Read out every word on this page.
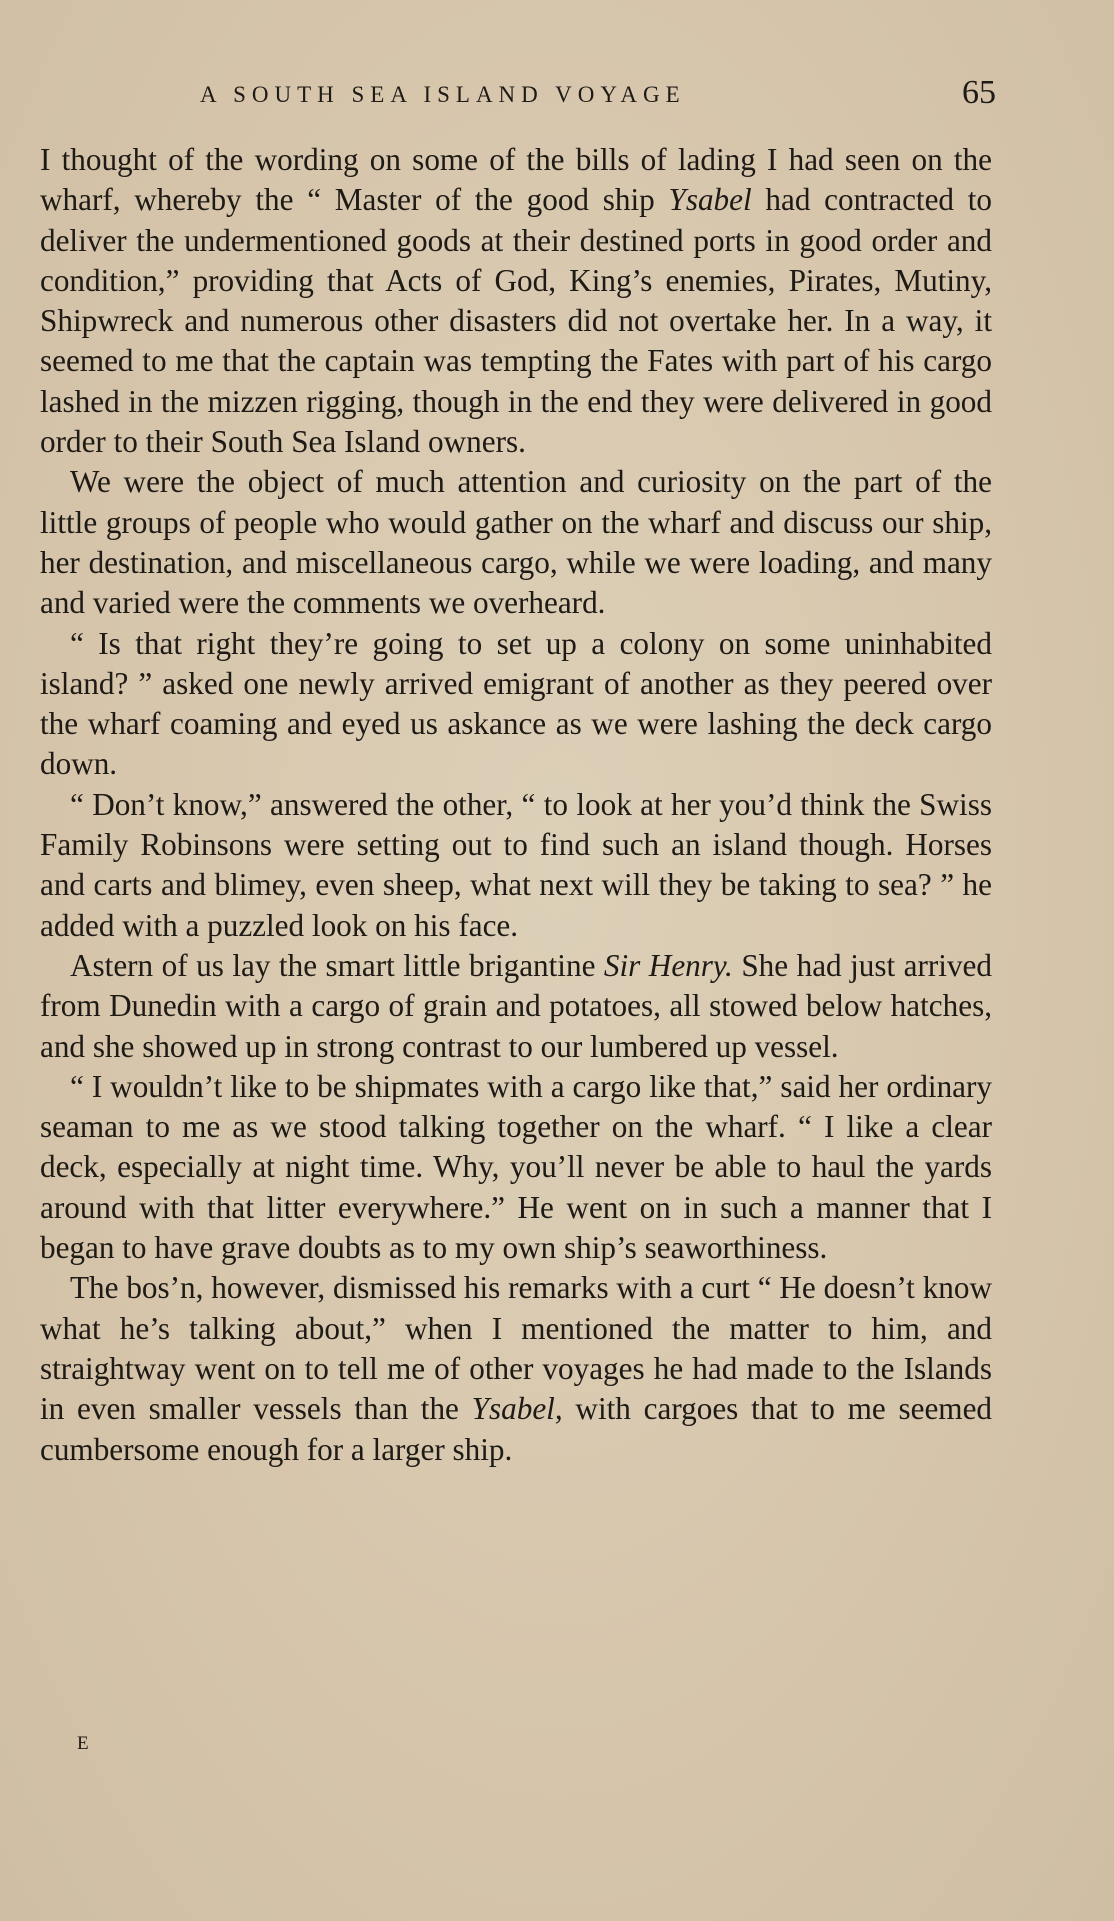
A SOUTH SEA ISLAND VOYAGE	65

I thought of the wording on some of the bills of lading I had seen on the wharf, whereby the “ Master of the good ship Ysabel had contracted to deliver the undermentioned goods at their destined ports in good order and condition,” providing that Acts of God, King’s enemies, Pirates, Mutiny, Shipwreck and numerous other disasters did not overtake her. In a way, it seemed to me that the captain was tempting the Fates with part of his cargo lashed in the mizzen rigging, though in the end they were delivered in good order to their South Sea Island owners.

We were the object of much attention and curiosity on the part of the little groups of people who would gather on the wharf and discuss our ship, her destination, and miscellaneous cargo, while we were loading, and many and varied were the comments we overheard.

“ Is that right they’re going to set up a colony on some uninhabited island? ” asked one newly arrived emigrant of another as they peered over the wharf coaming and eyed us askance as we were lashing the deck cargo down.

“ Don’t know,” answered the other, “ to look at her you’d think the Swiss Family Robinsons were setting out to find such an island though. Horses and carts and blimey, even sheep, what next will they be taking to sea? ” he added with a puzzled look on his face.

Astern of us lay the smart little brigantine Sir Henry. She had just arrived from Dunedin with a cargo of grain and potatoes, all stowed below hatches, and she showed up in strong contrast to our lumbered up vessel.

“ I wouldn’t like to be shipmates with a cargo like that,” said her ordinary seaman to me as we stood talking together on the wharf. “ I like a clear deck, especially at night time. Why, you’ll never be able to haul the yards around with that litter everywhere.” He went on in such a manner that I began to have grave doubts as to my own ship’s seaworthiness.

The bos’n, however, dismissed his remarks with a curt “ He doesn’t know what he’s talking about,” when I mentioned the matter to him, and straightway went on to tell me of other voyages he had made to the Islands in even smaller vessels than the Ysabel, with cargoes that to me seemed cumbersome enough for a larger ship.

E
